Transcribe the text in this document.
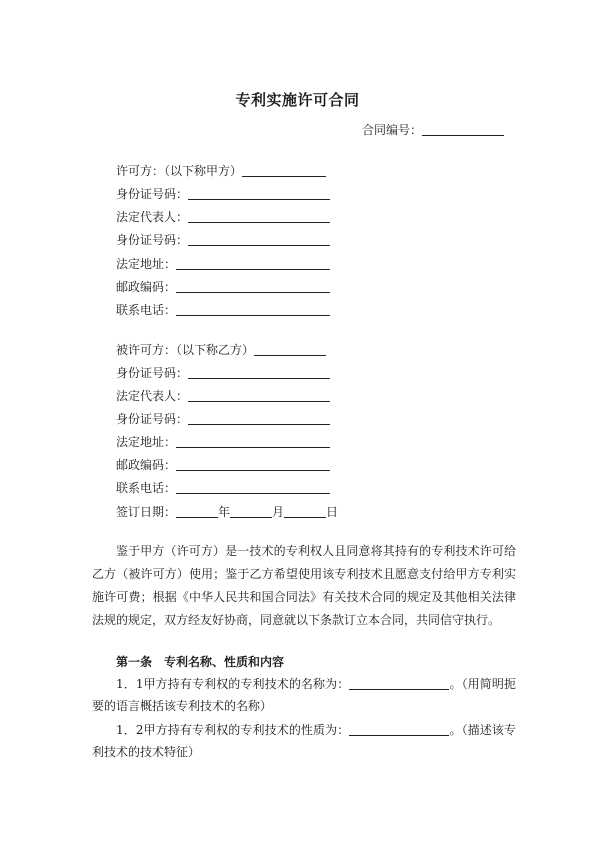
专利实施许可合同
合同编号：
许可方：（以下称甲方）
身份证号码：
法定代表人：
身份证号码：
法定地址：
邮政编码：
联系电话：
被许可方：（以下称乙方）
身份证号码：
法定代表人：
身份证号码：
法定地址：
邮政编码：
联系电话：
签订日期：	年	月	日
鉴于甲方（许可方）是一技术的专利权人且同意将其持有的专利技术许可给乙方（被许可方）使用；鉴于乙方希望使用该专利技术且愿意支付给甲方专利实施许可费；根据《中华人民共和国合同法》有关技术合同的规定及其他相关法律法规的规定，双方经友好协商，同意就以下条款订立本合同，共同信守执行。
第一条　专利名称、性质和内容
1．1甲方持有专利权的专利技术的名称为：	。（用简明扼要的语言概括该专利技术的名称）
1．2甲方持有专利权的专利技术的性质为：	。（描述该专利技术的技术特征）
